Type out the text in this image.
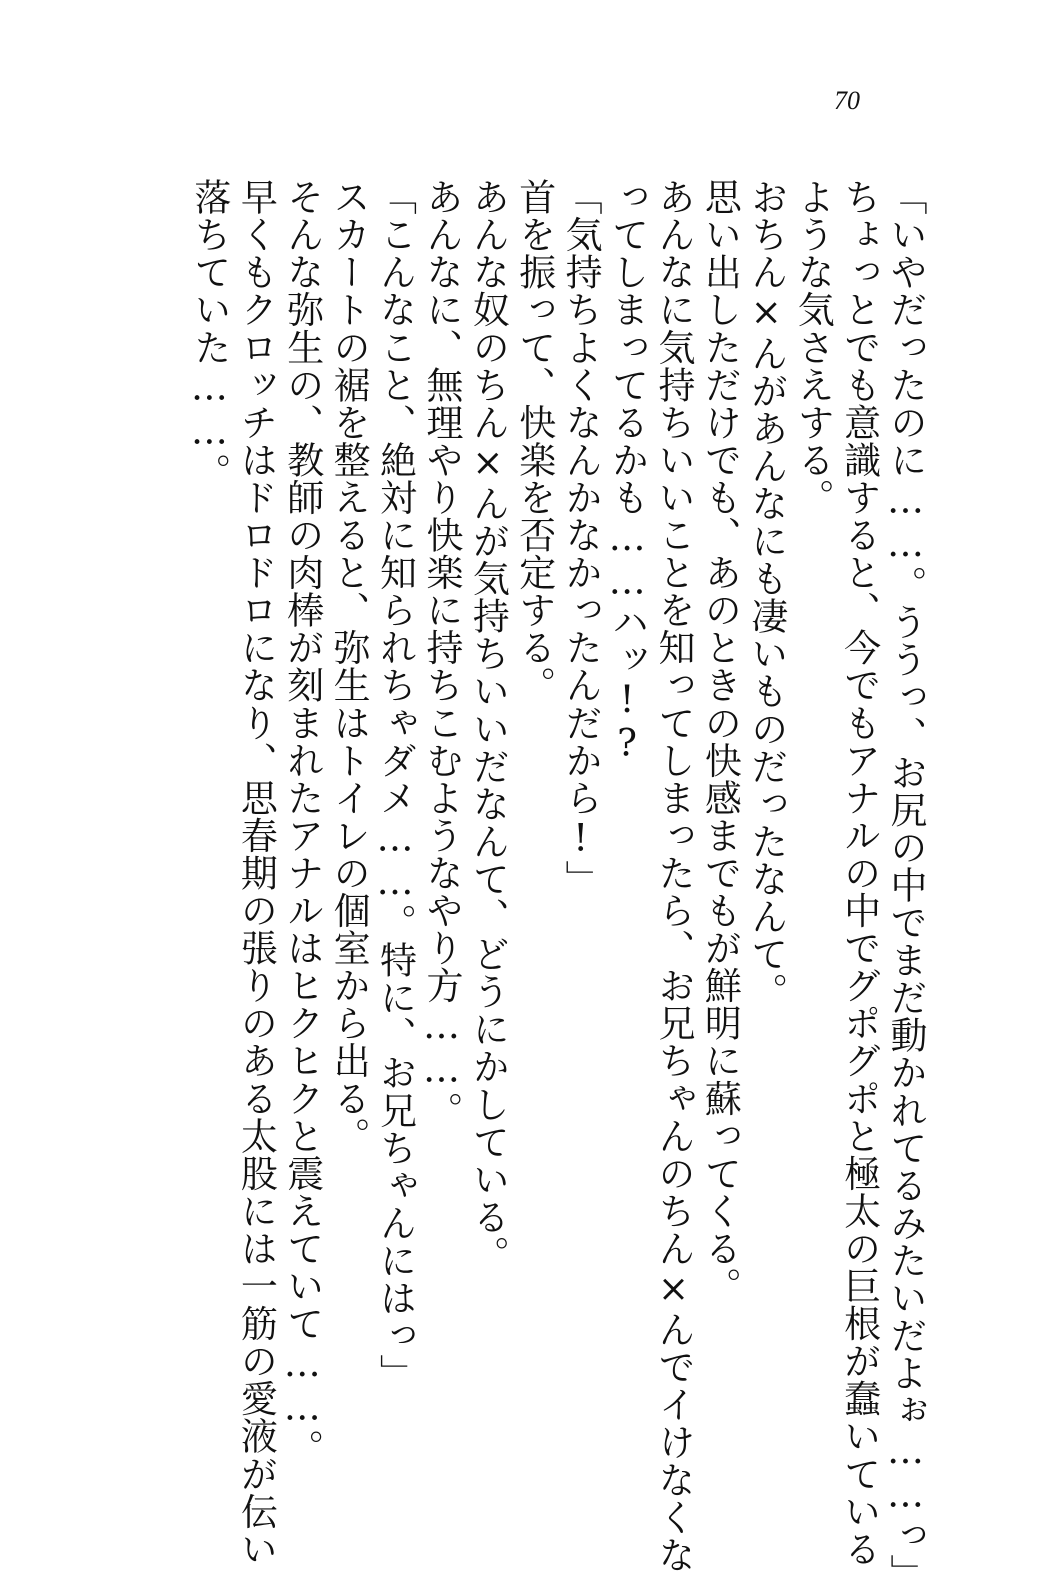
70
「いやだったのに……。ううっ、お尻の中でまだ動かれてるみたいだよぉ……っ」
ちょっとでも意識すると、今でもアナルの中でグポグポと極太の巨根が蠢いている
ような気さえする。
おちん×んがあんなにも凄いものだったなんて。
思い出しただけでも、あのときの快感までもが鮮明に蘇ってくる。
あんなに気持ちいいことを知ってしまったら、お兄ちゃんのちん×んでイけなくな
ってしまってるかも……ハッ!?
「気持ちよくなんかなかったんだから!」
首を振って、快楽を否定する。
あんな奴のちん×んが気持ちいいだなんて、どうにかしている。
あんなに、無理やり快楽に持ちこむようなやり方……。
「こんなこと、絶対に知られちゃダメ……。特に、お兄ちゃんにはっ」
スカートの裾を整えると、弥生はトイレの個室から出る。
そんな弥生の、教師の肉棒が刻まれたアナルはヒクヒクと震えていて……。
早くもクロッチはドロドロになり、思春期の張りのある太股には一筋の愛液が伝い
落ちていた……。
